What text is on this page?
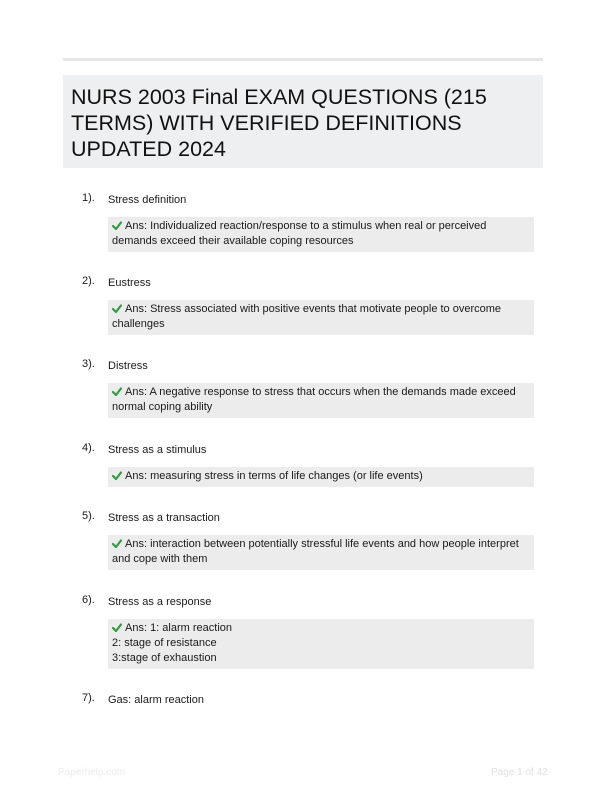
NURS 2003 Final EXAM QUESTIONS (215 TERMS) WITH VERIFIED DEFINITIONS UPDATED 2024
1). Stress definition
Ans: Individualized reaction/response to a stimulus when real or perceived demands exceed their available coping resources
2). Eustress
Ans: Stress associated with positive events that motivate people to overcome challenges
3). Distress
Ans: A negative response to stress that occurs when the demands made exceed normal coping ability
4). Stress as a stimulus
Ans: measuring stress in terms of life changes (or life events)
5). Stress as a transaction
Ans: interaction between potentially stressful life events and how people interpret and cope with them
6). Stress as a response
Ans: 1: alarm reaction
2: stage of resistance
3:stage of exhaustion
7). Gas: alarm reaction
Paperhelp.com	Page 1 of 42
